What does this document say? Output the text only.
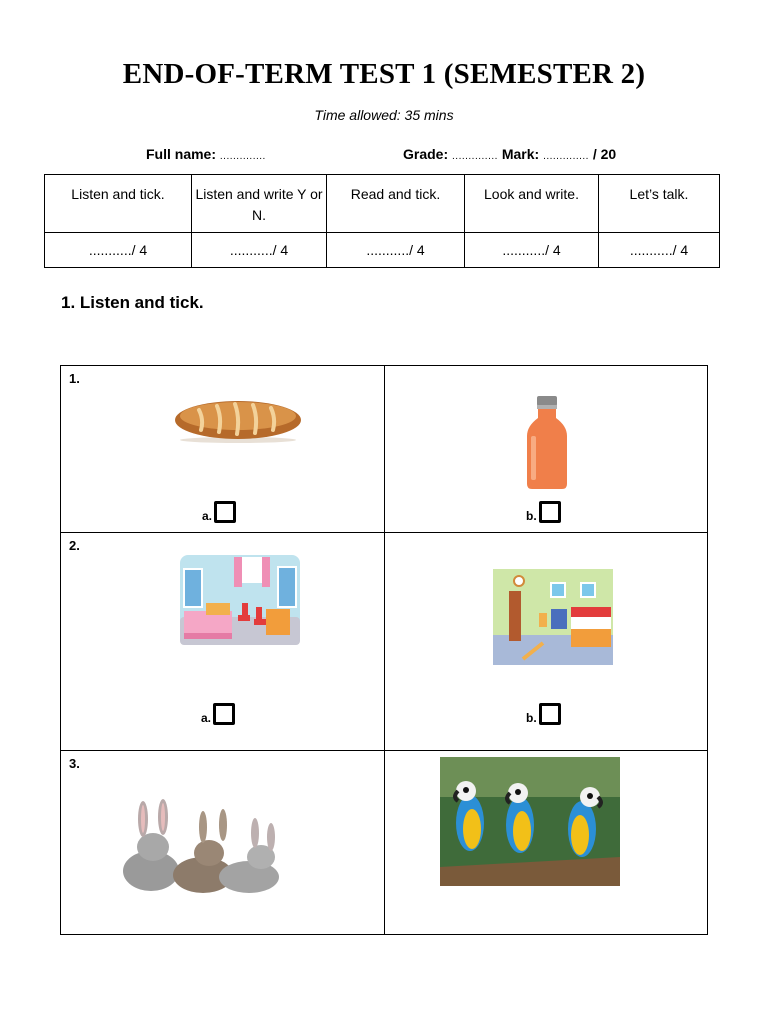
END-OF-TERM TEST 1 (SEMESTER 2)
Time allowed: 35 mins
Full name: ..............	Grade: .............. Mark: .............. / 20
Listen and tick.	Listen and write Y or N.	Read and tick.	Look and write.	Let’s talk.
.........../ 4	.........../ 4	.........../ 4	.........../ 4	.........../ 4
1. Listen and tick.
1.
a.	b.
2.
a.	b.
3.
